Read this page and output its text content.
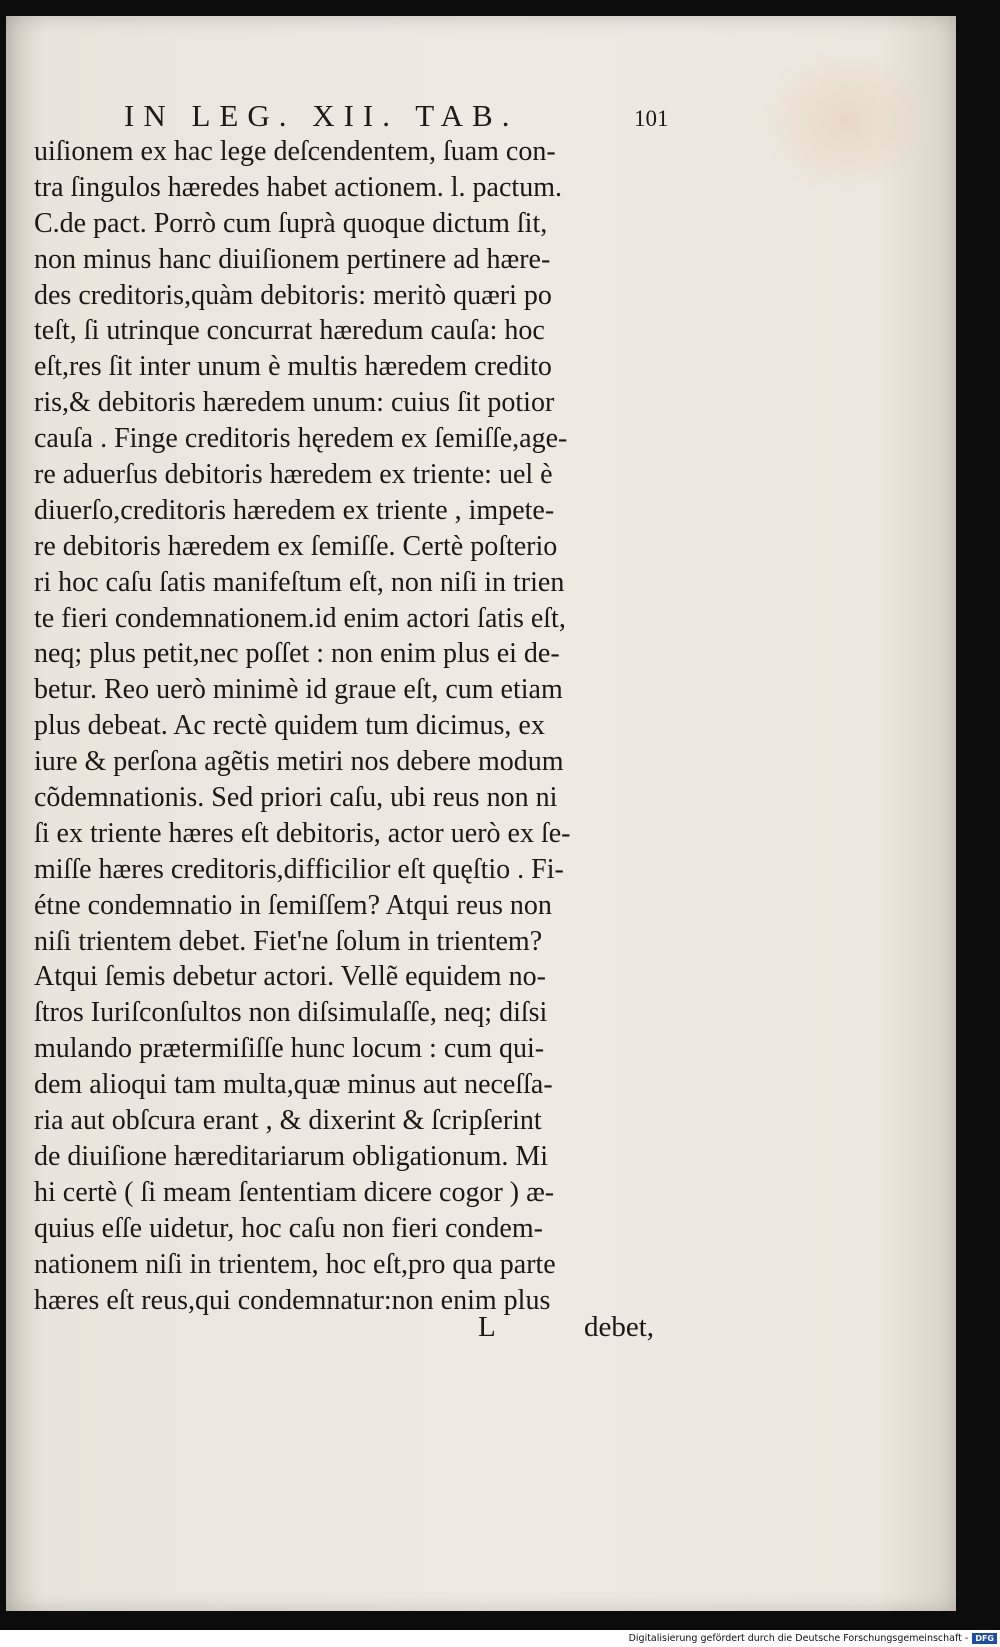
IN LEG. XII. TAB.	101
uiſionem ex hac lege deſcendentem, ſuam con-
tra ſingulos hæredes habet actionem. l. pactum.
C.de pact. Porrò cum ſuprà quoque dictum ſit,
non minus hanc diuiſionem pertinere ad hære-
des creditoris,quàm debitoris: meritò quæri po
teſt, ſi utrinque concurrat hæredum cauſa: hoc
eſt,res ſit inter unum è multis hæredem credito
ris,& debitoris hæredem unum: cuius ſit potior
cauſa . Finge creditoris hęredem ex ſemiſſe,age-
re aduerſus debitoris hæredem ex triente: uel è
diuerſo,creditoris hæredem ex triente , impete-
re debitoris hæredem ex ſemiſſe. Certè poſterio
ri hoc caſu ſatis manifeſtum eſt, non niſi in trien
te fieri condemnationem.id enim actori ſatis eſt,
neq; plus petit,nec poſſet : non enim plus ei de-
betur. Reo uerò minimè id graue eſt, cum etiam
plus debeat. Ac rectè quidem tum dicimus, ex
iure & perſona agẽtis metiri nos debere modum
cõdemnationis. Sed priori caſu, ubi reus non ni
ſi ex triente hæres eſt debitoris, actor uerò ex ſe-
miſſe hæres creditoris,difficilior eſt quęſtio . Fi-
étne condemnatio in ſemiſſem? Atqui reus non
niſi trientem debet. Fiet'ne ſolum in trientem?
Atqui ſemis debetur actori. Vellẽ equidem no-
ſtros Iuriſconſultos non diſsimulaſſe, neq; diſsi
mulando prætermiſiſſe hunc locum : cum qui-
dem alioqui tam multa,quæ minus aut neceſſa-
ria aut obſcura erant , & dixerint & ſcripſerint
de diuiſione hæreditariarum obligationum. Mi
hi certè ( ſi meam ſententiam dicere cogor ) æ-
quius eſſe uidetur, hoc caſu non fieri condem-
nationem niſi in trientem, hoc eſt,pro qua parte
hæres eſt reus,qui condemnatur:non enim plus
L	debet,
Digitalisierung gefördert durch die Deutsche Forschungsgemeinschaft - DFG
